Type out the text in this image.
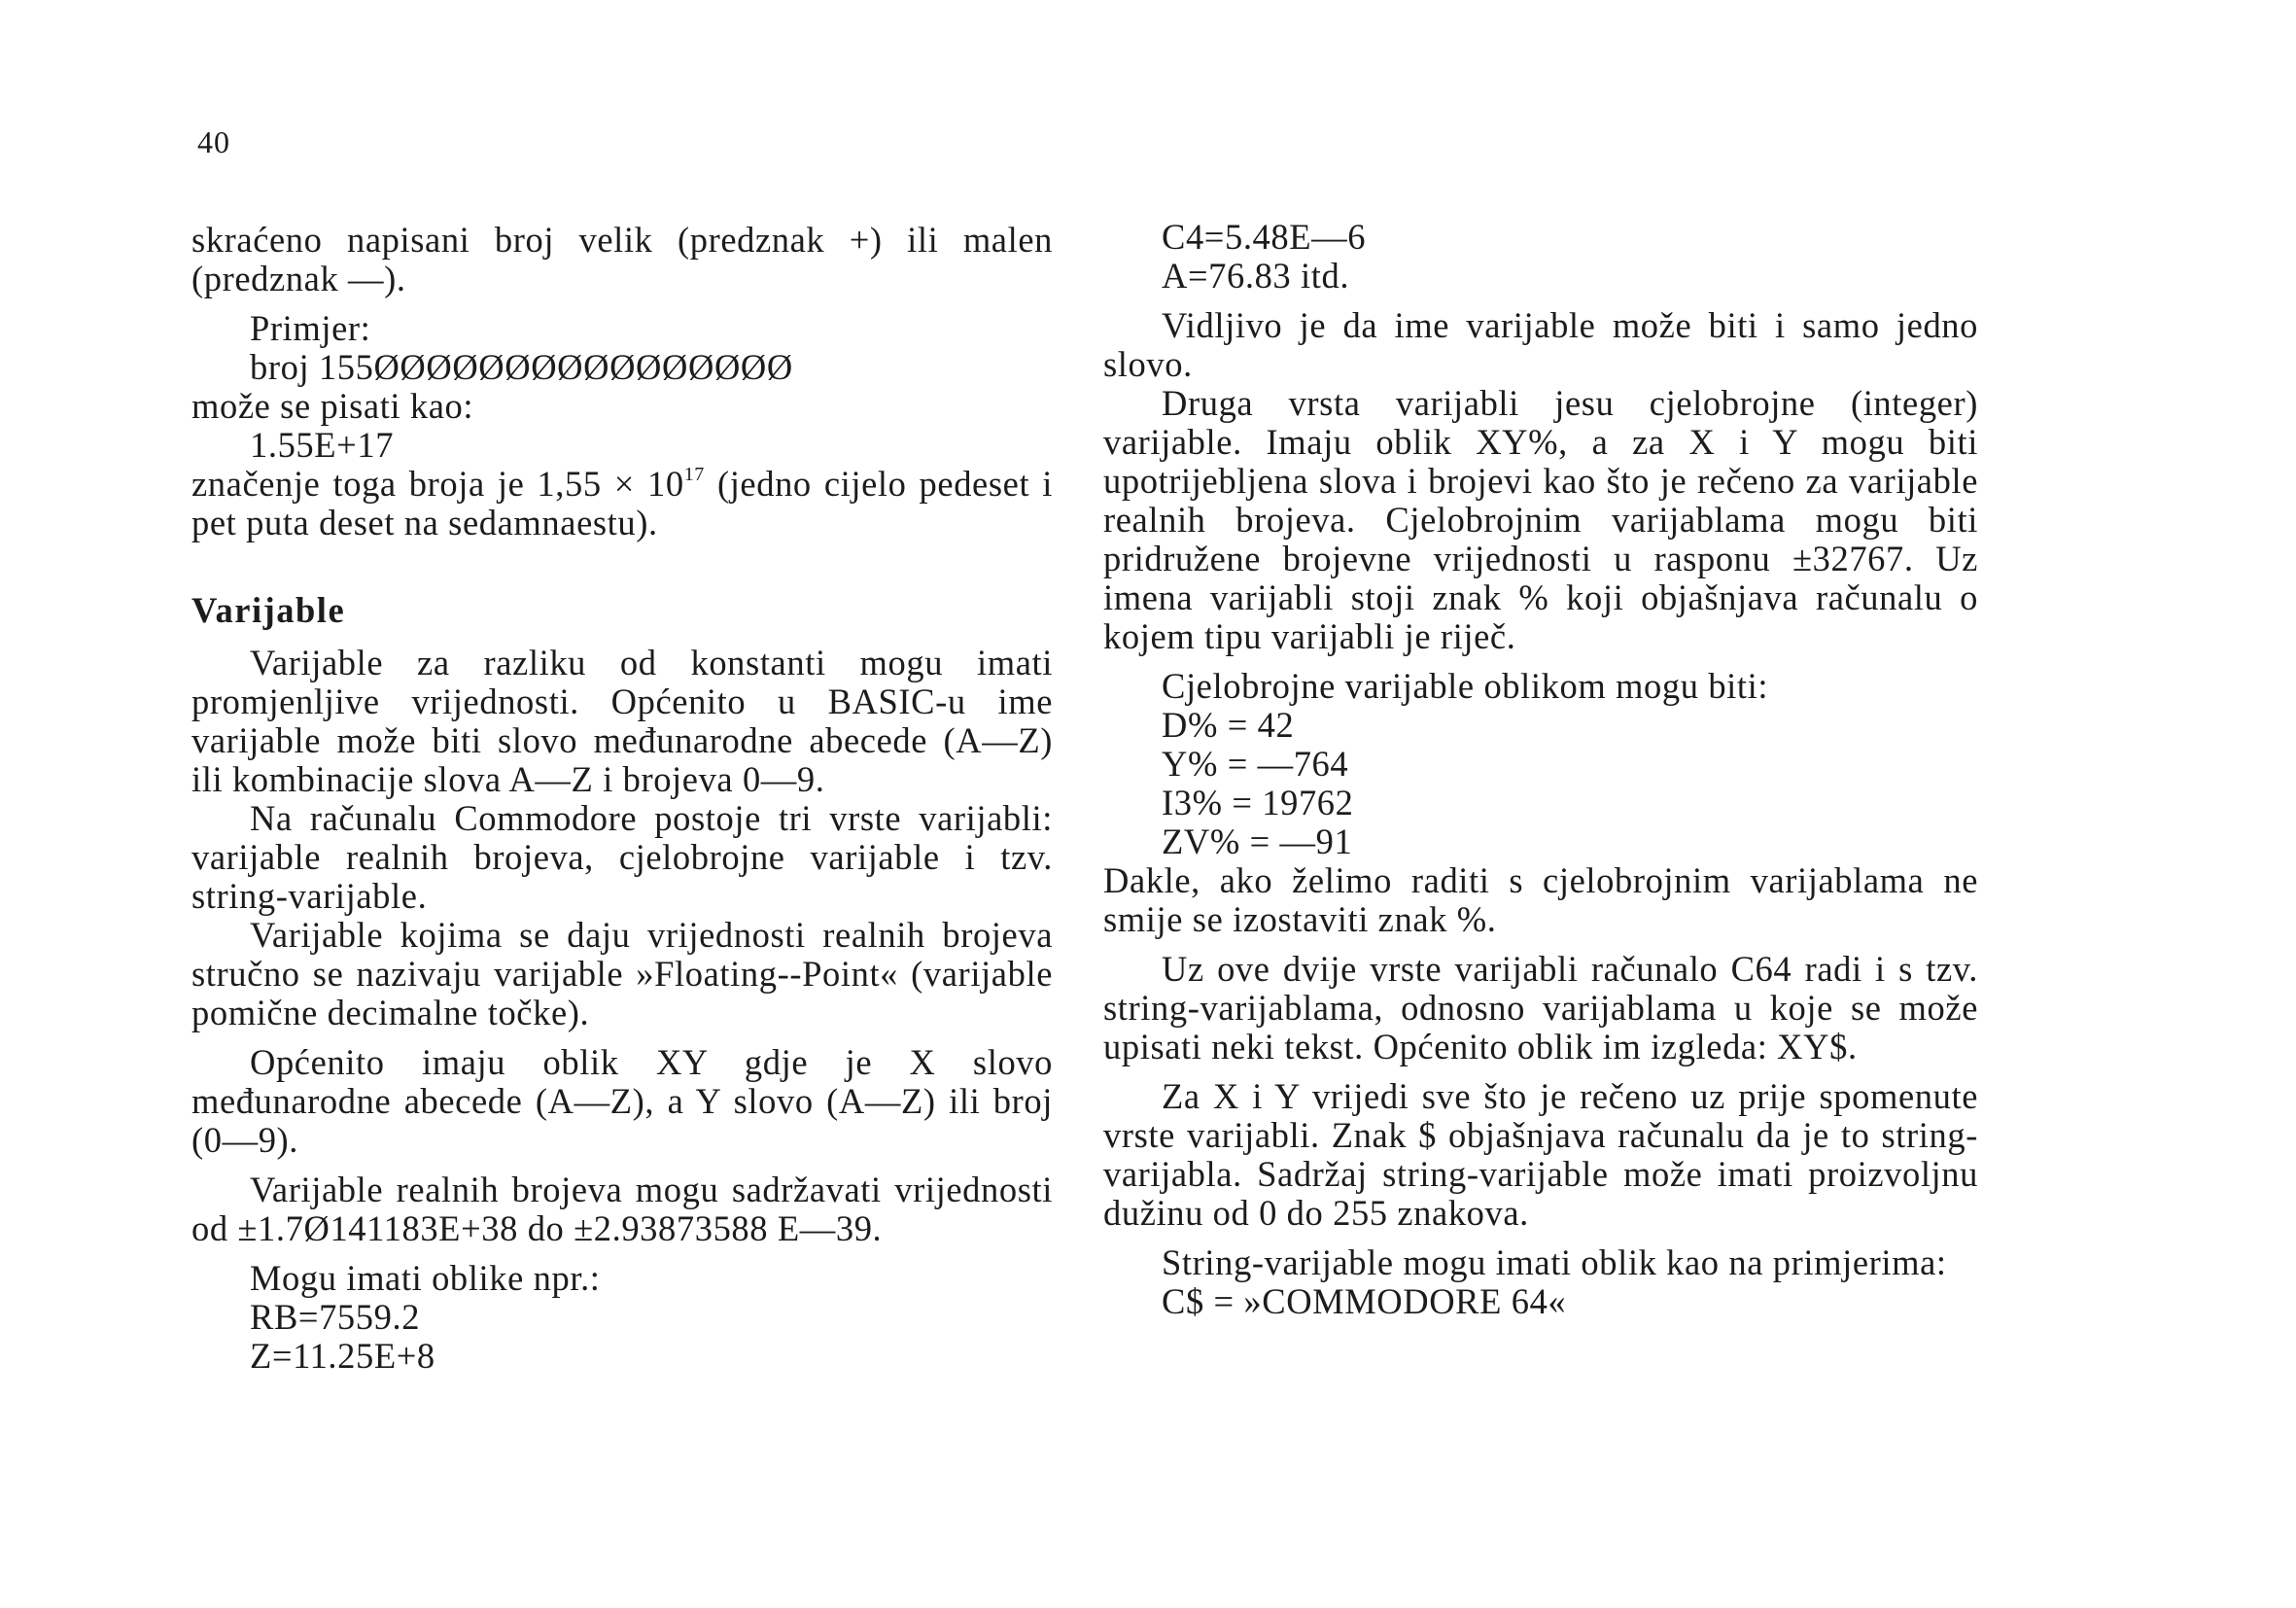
40

skraćeno napisani broj velik (predznak +) ili malen (predznak —).

Primjer:

broj 155ØØØØØØØØØØØØØØØØ

može se pisati kao:

1.55E+17

značenje toga broja je $1,55 \times 10^{17}$ (jedno cijelo pedeset i pet puta deset na sedamnaestu).

Varijable

Varijable za razliku od konstanti mogu imati promjenljive vrijednosti. Općenito u BASIC-u ime varijable može biti slovo međunarodne abecede (A—Z) ili kombinacije slova A—Z i brojeva 0—9.

Na računalu Commodore postoje tri vrste varijabli: varijable realnih brojeva, cjelobrojne varijable i tzv. string-varijable.

Varijable kojima se daju vrijednosti realnih brojeva stručno se nazivaju varijable »Floating--Point« (varijable pomične decimalne točke).

Općenito imaju oblik XY gdje je X slovo međunarodne abecede (A—Z), a Y slovo (A—Z) ili broj (0—9).

Varijable realnih brojeva mogu sadržavati vrijednosti od ±1.7Ø141183E+38 do ±2.93873588 E—39.

Mogu imati oblike npr.:

RB=7559.2

Z=11.25E+8

C4=5.48E—6

A=76.83 itd.

Vidljivo je da ime varijable može biti i samo jedno slovo.

Druga vrsta varijabli jesu cjelobrojne (integer) varijable. Imaju oblik XY%, a za X i Y mogu biti upotrijebljena slova i brojevi kao što je rečeno za varijable realnih brojeva. Cjelobrojnim varijablama mogu biti pridružene brojevne vrijednosti u rasponu ±32767. Uz imena varijabli stoji znak % koji objašnjava računalu o kojem tipu varijabli je riječ.

Cjelobrojne varijable oblikom mogu biti:

D% = 42

Y% = —764

I3% = 19762

ZV% = —91

Dakle, ako želimo raditi s cjelobrojnim varijablama ne smije se izostaviti znak %.

Uz ove dvije vrste varijabli računalo C64 radi i s tzv. string-varijablama, odnosno varijablama u koje se može upisati neki tekst. Općenito oblik im izgleda: XY$.

Za X i Y vrijedi sve što je rečeno uz prije spomenute vrste varijabli. Znak $ objašnjava računalu da je to string-varijabla. Sadržaj string-varijable može imati proizvoljnu dužinu od 0 do 255 znakova.

String-varijable mogu imati oblik kao na primjerima:

C$ = »COMMODORE 64«
